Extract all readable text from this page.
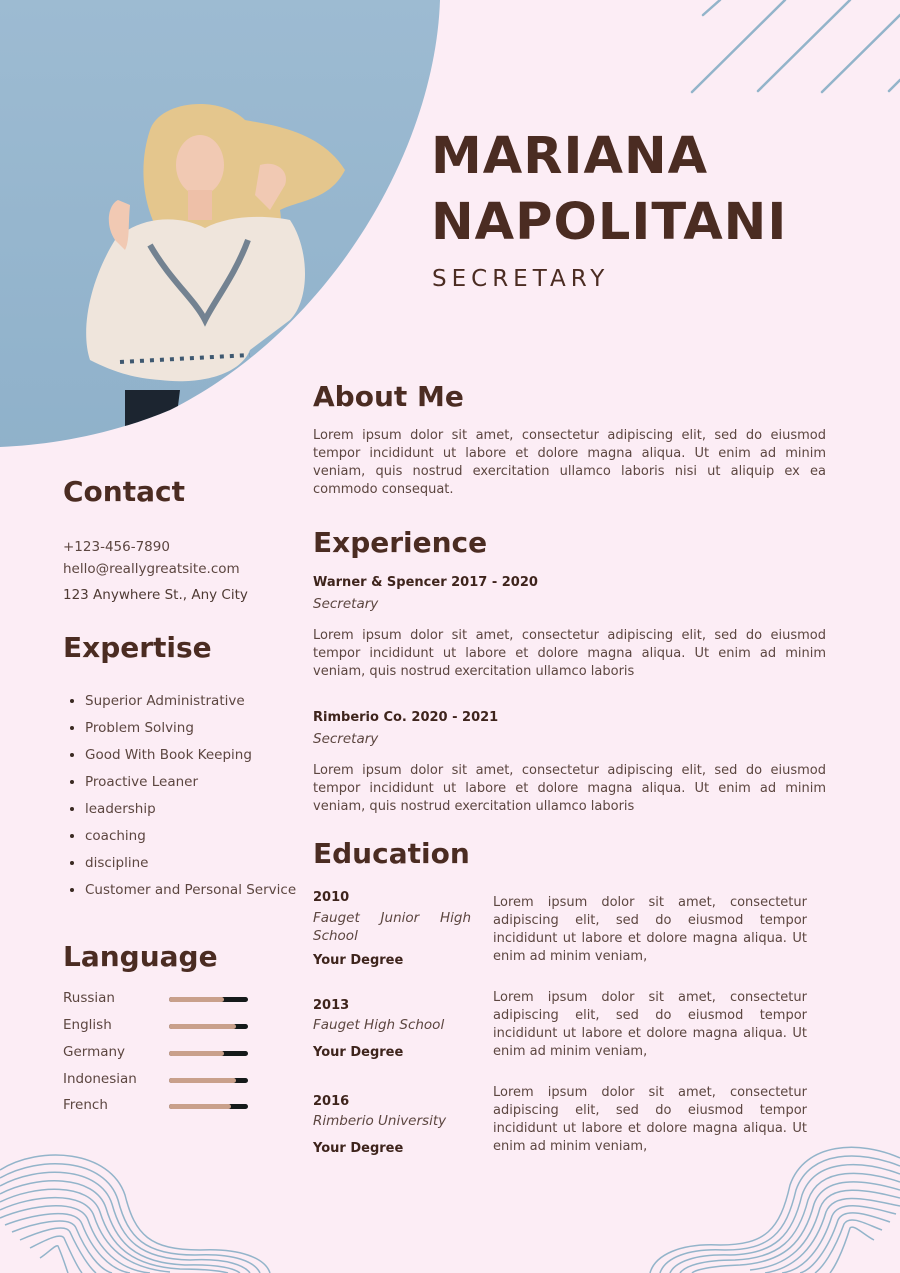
MARIANA
NAPOLITANI
SECRETARY
Contact
+123-456-7890
hello@reallygreatsite.com
123 Anywhere St., Any City
Expertise
• Superior Administrative
• Problem Solving
• Good With Book Keeping
• Proactive Leaner
• leadership
• coaching
• discipline
• Customer and Personal Service
Language
Russian
English
Germany
Indonesian
French
About Me

Lorem ipsum dolor sit amet, consectetur adipiscing elit, sed do eiusmod tempor incididunt ut labore et dolore magna aliqua. Ut enim ad minim veniam, quis nostrud exercitation ullamco laboris nisi ut aliquip ex ea commodo consequat.

Experience
Warner & Spencer 2017 - 2020
Secretary

Lorem ipsum dolor sit amet, consectetur adipiscing elit, sed do eiusmod tempor incididunt ut labore et dolore magna aliqua. Ut enim ad minim veniam, quis nostrud exercitation ullamco laboris

Rimberio Co. 2020 - 2021
Secretary

Lorem ipsum dolor sit amet, consectetur adipiscing elit, sed do eiusmod tempor incididunt ut labore et dolore magna aliqua. Ut enim ad minim veniam, quis nostrud exercitation ullamco laboris

Education
2010
Fauget Junior High School
Your Degree

Lorem ipsum dolor sit amet, consectetur adipiscing elit, sed do eiusmod tempor incididunt ut labore et dolore magna aliqua. Ut enim ad minim veniam,

2013
Fauget High School
Your Degree

Lorem ipsum dolor sit amet, consectetur adipiscing elit, sed do eiusmod tempor incididunt ut labore et dolore magna aliqua. Ut enim ad minim veniam,

2016
Rimberio University
Your Degree

Lorem ipsum dolor sit amet, consectetur adipiscing elit, sed do eiusmod tempor incididunt ut labore et dolore magna aliqua. Ut enim ad minim veniam,
